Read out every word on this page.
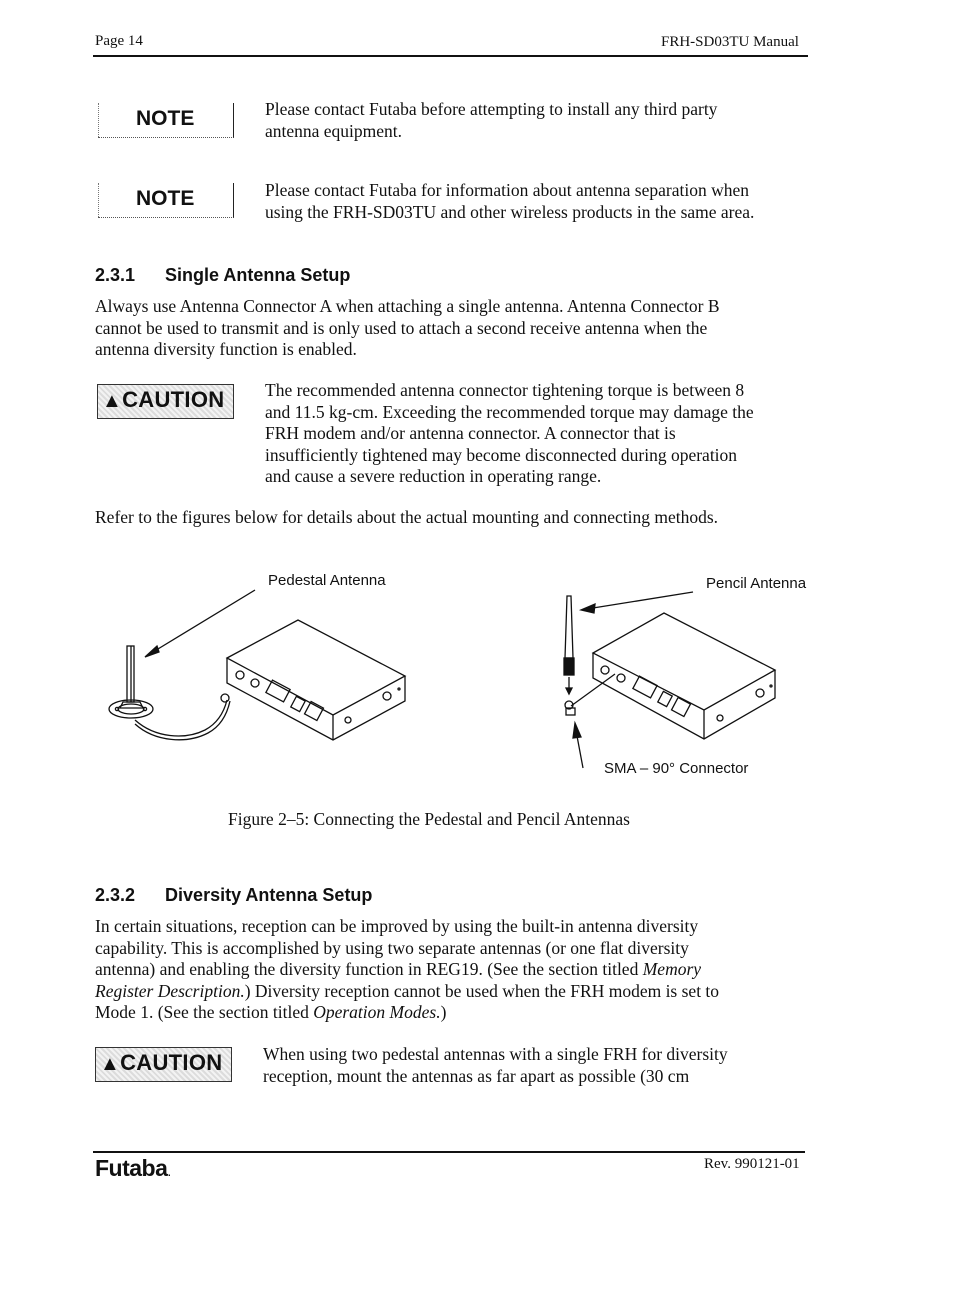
Page 14	FRH-SD03TU Manual
NOTE	Please contact Futaba before attempting to install any third party
antenna equipment.
NOTE	Please contact Futaba for information about antenna separation when
using the FRH-SD03TU and other wireless products in the same area.
2.3.1 Single Antenna Setup
Always use Antenna Connector A when attaching a single antenna. Antenna Connector B
cannot be used to transmit and is only used to attach a second receive antenna when the
antenna diversity function is enabled.
▲CAUTION The recommended antenna connector tightening torque is between 8
and 11.5 kg-cm. Exceeding the recommended torque may damage the
FRH modem and/or antenna connector. A connector that is
insufficiently tightened may become disconnected during operation
and cause a severe reduction in operating range.
Refer to the figures below for details about the actual mounting and connecting methods.
Pedestal Antenna	Pencil Antenna
SMA – 90° Connector
Figure 2–5: Connecting the Pedestal and Pencil Antennas
2.3.2 Diversity Antenna Setup
In certain situations, reception can be improved by using the built-in antenna diversity
capability. This is accomplished by using two separate antennas (or one flat diversity
antenna) and enabling the diversity function in REG19. (See the section titled Memory
Register Description.) Diversity reception cannot be used when the FRH modem is set to
Mode 1. (See the section titled Operation Modes.)
▲CAUTION When using two pedestal antennas with a single FRH for diversity
reception, mount the antennas as far apart as possible (30 cm
Futaba.	Rev. 990121-01
